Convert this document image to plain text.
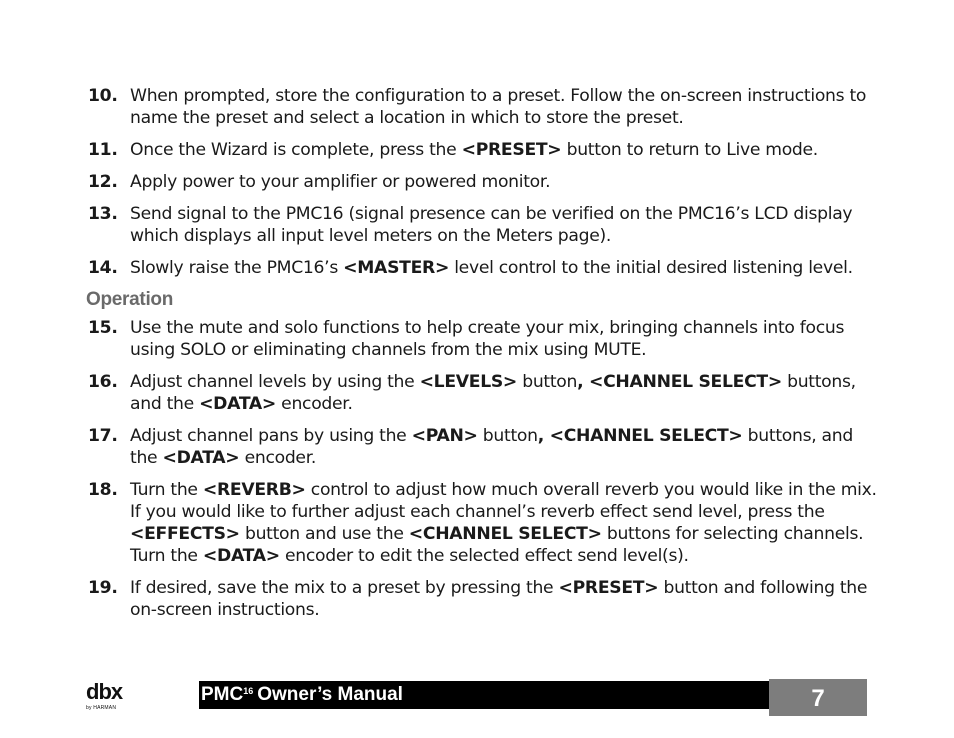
10. When prompted, store the configuration to a preset. Follow the on-screen instructions to name the preset and select a location in which to store the preset.
11. Once the Wizard is complete, press the <PRESET> button to return to Live mode.
12. Apply power to your amplifier or powered monitor.
13. Send signal to the PMC16 (signal presence can be verified on the PMC16’s LCD display which displays all input level meters on the Meters page).
14. Slowly raise the PMC16’s <MASTER> level control to the initial desired listening level.
Operation
15. Use the mute and solo functions to help create your mix, bringing channels into focus using SOLO or eliminating channels from the mix using MUTE.
16. Adjust channel levels by using the <LEVELS> button, <CHANNEL SELECT> buttons, and the <DATA> encoder.
17. Adjust channel pans by using the <PAN> button, <CHANNEL SELECT> buttons, and the <DATA> encoder.
18. Turn the <REVERB> control to adjust how much overall reverb you would like in the mix. If you would like to further adjust each channel’s reverb effect send level, press the <EFFECTS> button and use the <CHANNEL SELECT> buttons for selecting channels. Turn the <DATA> encoder to edit the selected effect send level(s).
19. If desired, save the mix to a preset by pressing the <PRESET> button and following the on-screen instructions.
dbx
by HARMAN
PMC$^{16}$ Owner’s Manual	7
